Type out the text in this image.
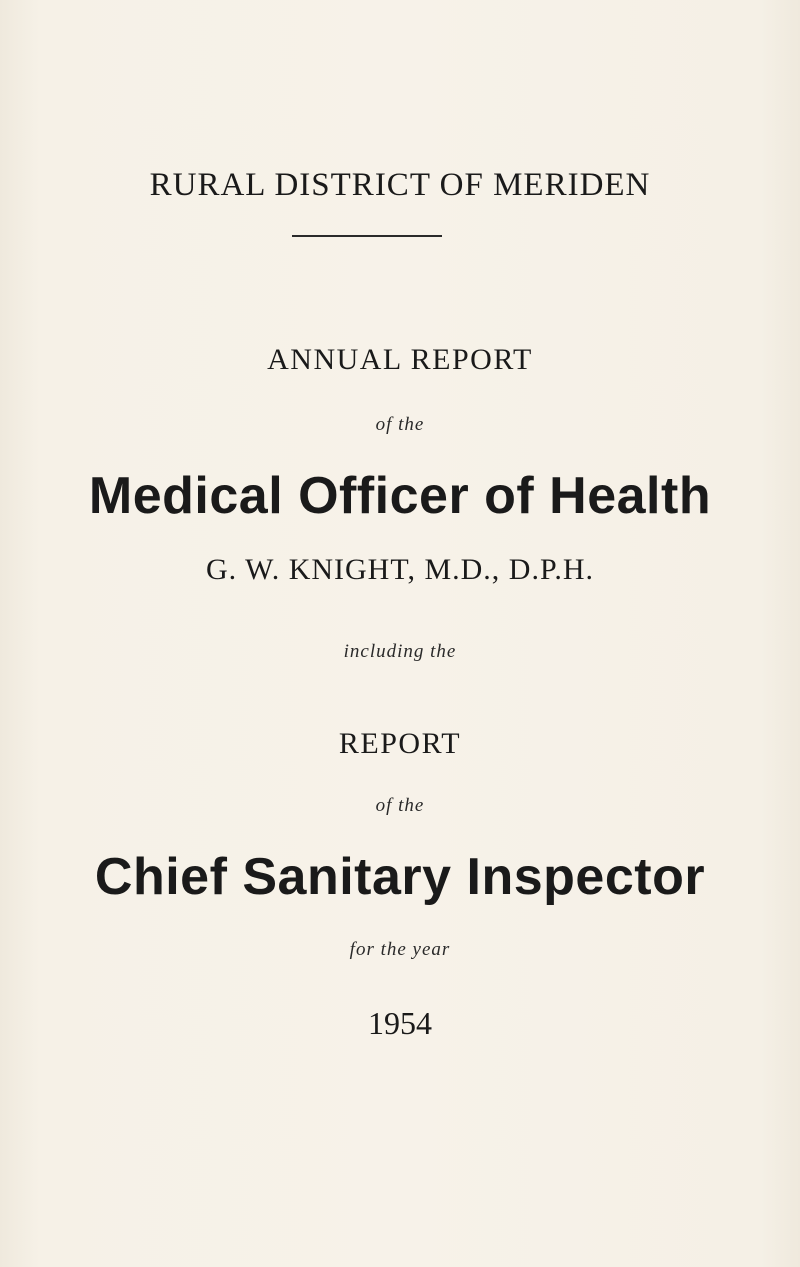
RURAL DISTRICT OF MERIDEN
ANNUAL REPORT
of the
Medical Officer of Health
G. W. KNIGHT, M.D., D.P.H.
including the
REPORT
of the
Chief Sanitary Inspector
for the year
1954
